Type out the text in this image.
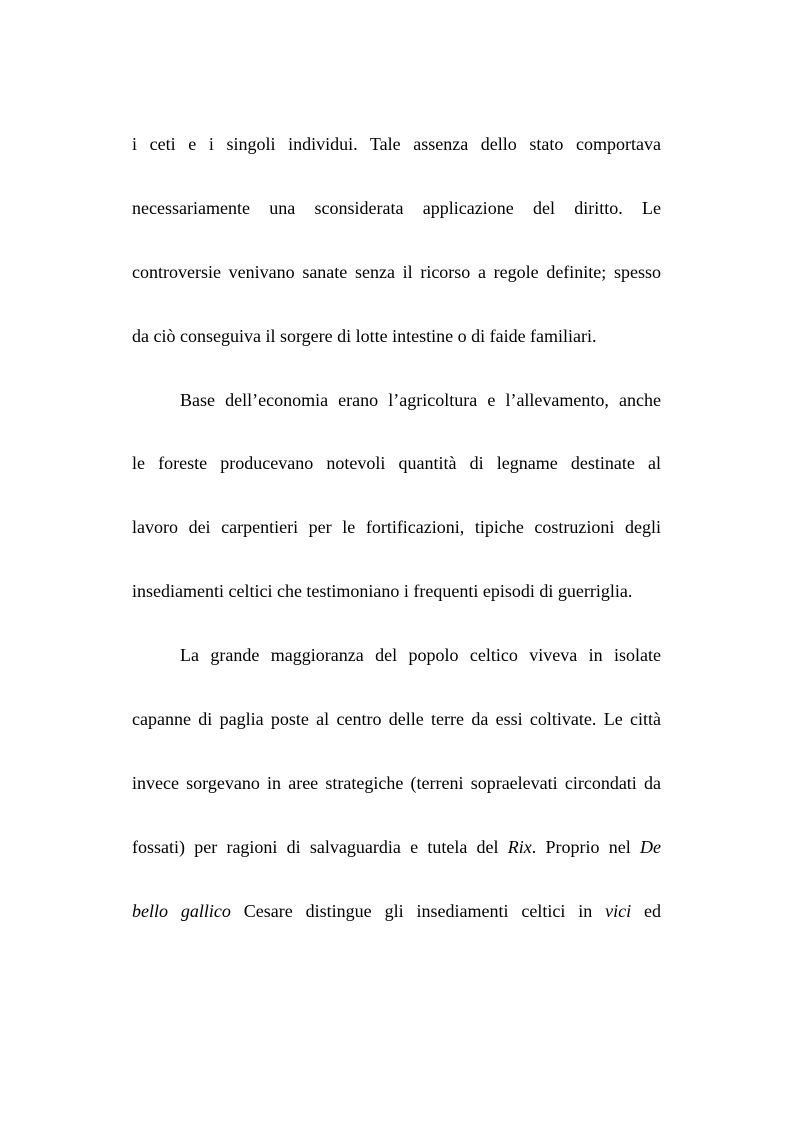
i ceti e i singoli individui. Tale assenza dello stato comportava
necessariamente una sconsiderata applicazione del diritto. Le
controversie venivano sanate senza il ricorso a regole definite; spesso
da ciò conseguiva il sorgere di lotte intestine o di faide familiari.
Base dell’economia erano l’agricoltura e l’allevamento, anche
le foreste producevano notevoli quantità di legname destinate al
lavoro dei carpentieri per le fortificazioni, tipiche costruzioni degli
insediamenti celtici che testimoniano i frequenti episodi di guerriglia.
La grande maggioranza del popolo celtico viveva in isolate
capanne di paglia poste al centro delle terre da essi coltivate. Le città
invece sorgevano in aree strategiche (terreni sopraelevati circondati da
fossati) per ragioni di salvaguardia e tutela del Rix. Proprio nel De
bello gallico Cesare distingue gli insediamenti celtici in vici ed
